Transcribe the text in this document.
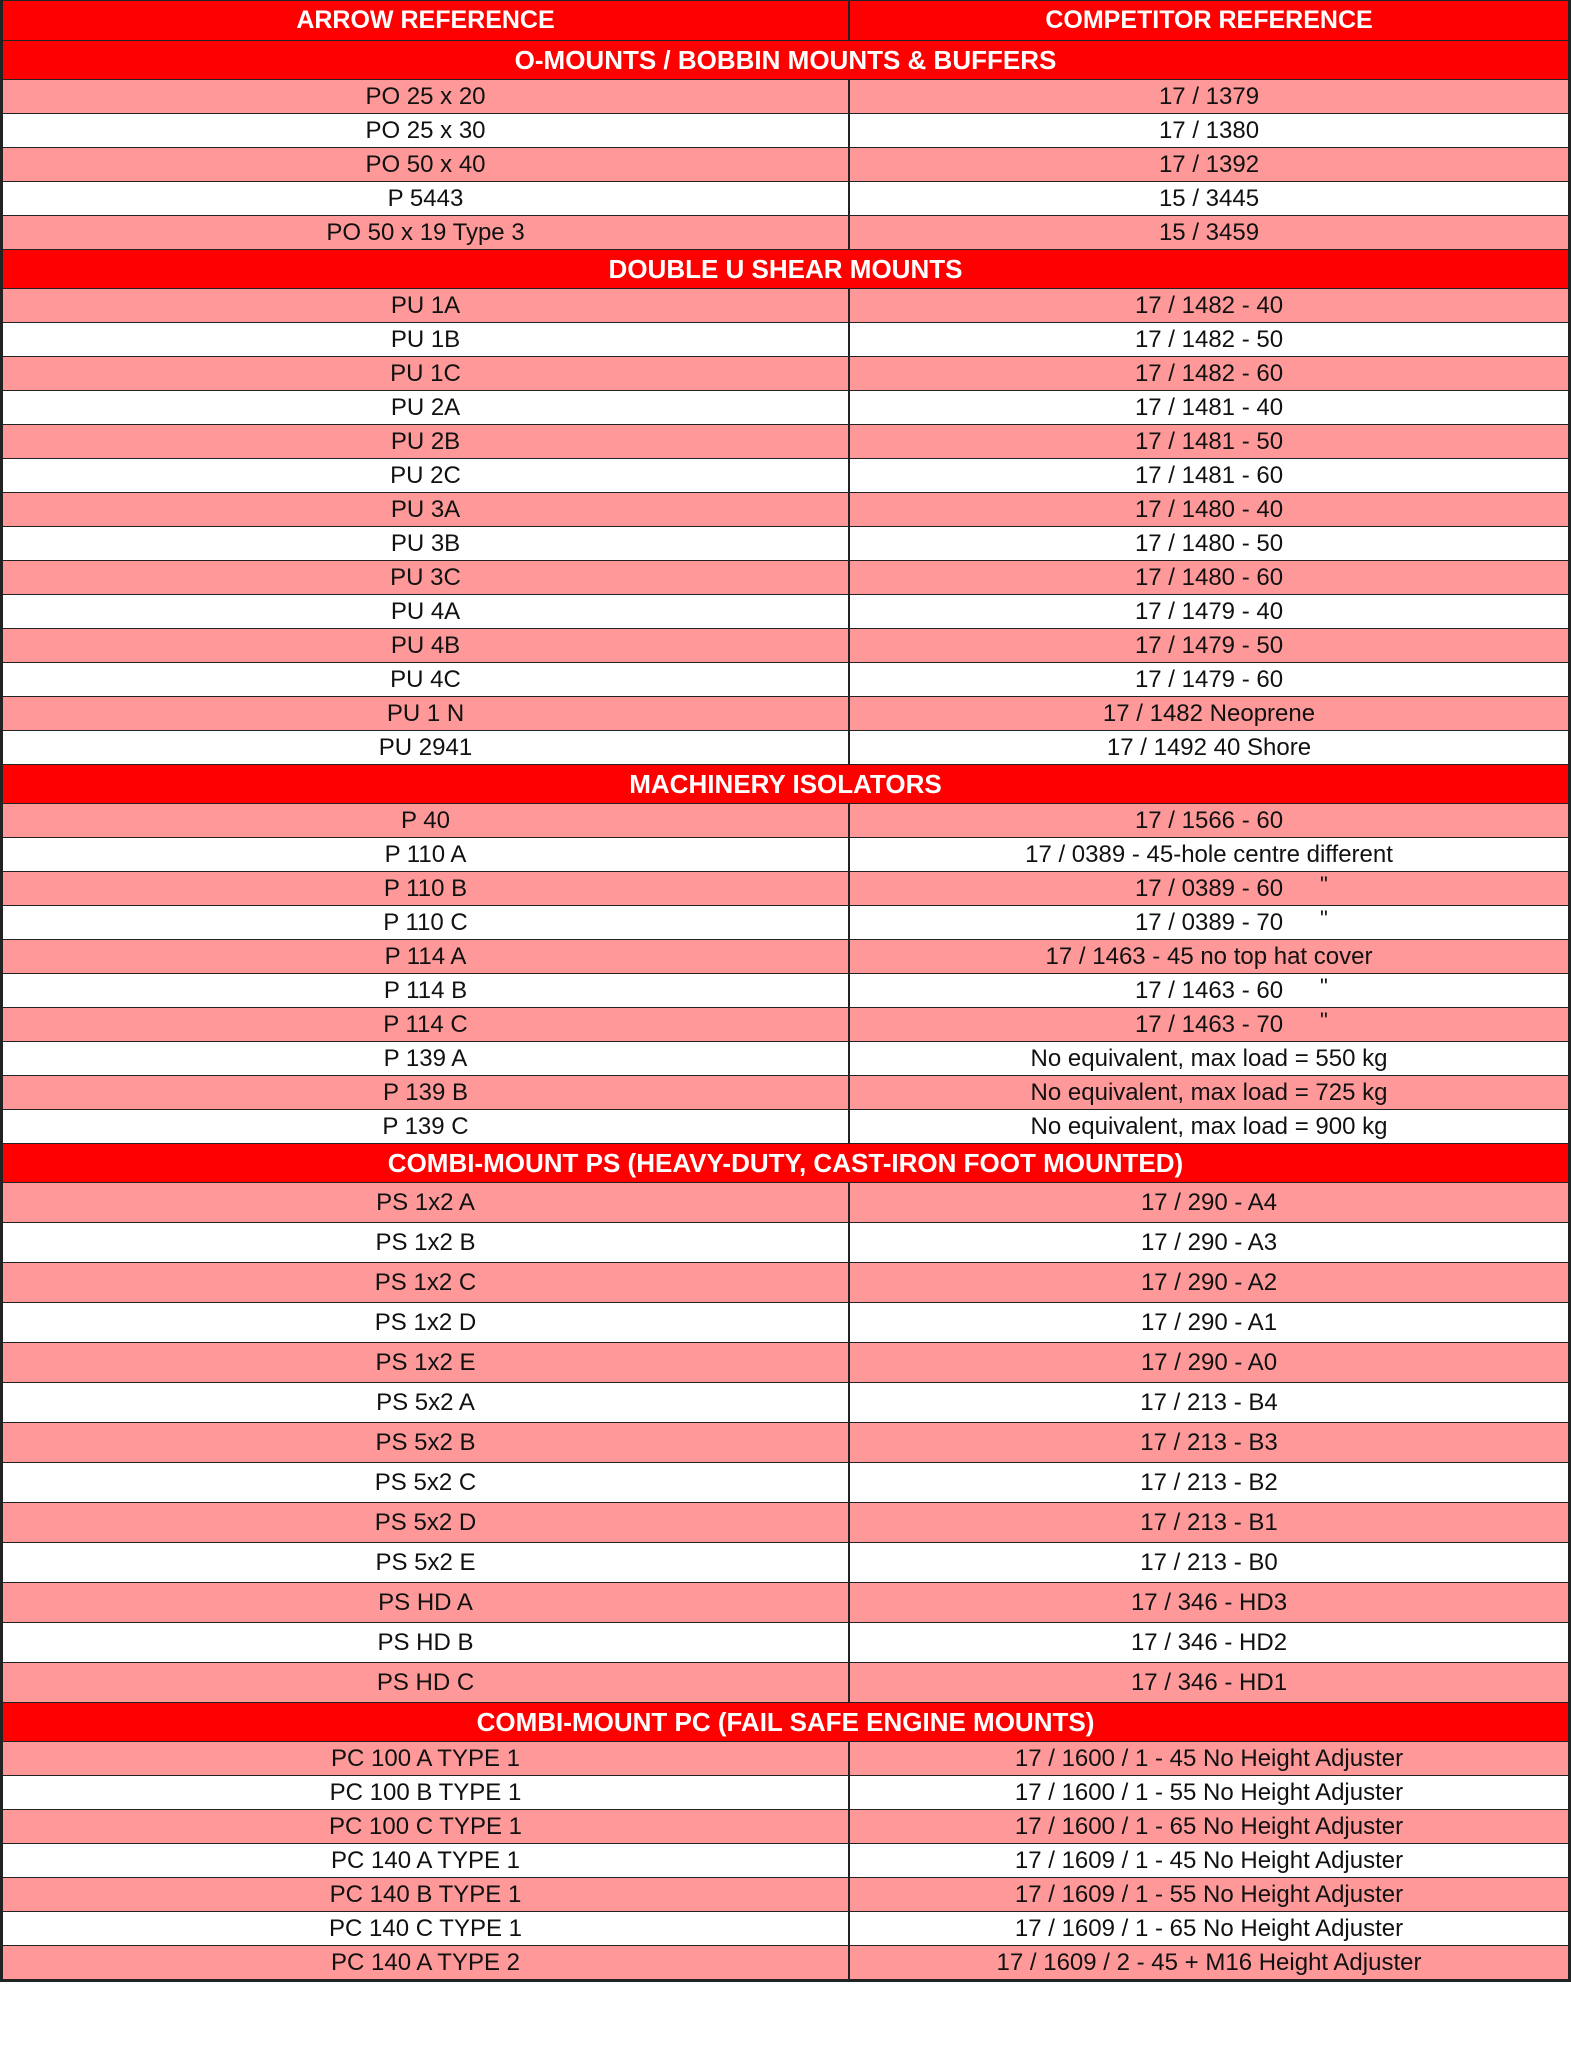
ARROW REFERENCE	COMPETITOR REFERENCE
O-MOUNTS / BOBBIN MOUNTS & BUFFERS
PO 25 x 20	17 / 1379
PO 25 x 30	17 / 1380
PO 50 x 40	17 / 1392
P 5443	15 / 3445
PO 50 x 19 Type 3	15 / 3459
DOUBLE U SHEAR MOUNTS
PU 1A	17 / 1482 - 40
PU 1B	17 / 1482 - 50
PU 1C	17 / 1482 - 60
PU 2A	17 / 1481 - 40
PU 2B	17 / 1481 - 50
PU 2C	17 / 1481 - 60
PU 3A	17 / 1480 - 40
PU 3B	17 / 1480 - 50
PU 3C	17 / 1480 - 60
PU 4A	17 / 1479 - 40
PU 4B	17 / 1479 - 50
PU 4C	17 / 1479 - 60
PU 1 N	17 / 1482 Neoprene
PU 2941	17 / 1492 40 Shore
MACHINERY ISOLATORS
P 40	17 / 1566 - 60
P 110 A	17 / 0389 - 45-hole centre different
P 110 B	17 / 0389 - 60 "
P 110 C	17 / 0389 - 70 "
P 114 A	17 / 1463 - 45 no top hat cover
P 114 B	17 / 1463 - 60 "
P 114 C	17 / 1463 - 70 "
P 139 A	No equivalent, max load = 550 kg
P 139 B	No equivalent, max load = 725 kg
P 139 C	No equivalent, max load = 900 kg
COMBI-MOUNT PS (HEAVY-DUTY, CAST-IRON FOOT MOUNTED)
PS 1x2 A	17 / 290 - A4
PS 1x2 B	17 / 290 - A3
PS 1x2 C	17 / 290 - A2
PS 1x2 D	17 / 290 - A1
PS 1x2 E	17 / 290 - A0
PS 5x2 A	17 / 213 - B4
PS 5x2 B	17 / 213 - B3
PS 5x2 C	17 / 213 - B2
PS 5x2 D	17 / 213 - B1
PS 5x2 E	17 / 213 - B0
PS HD A	17 / 346 - HD3
PS HD B	17 / 346 - HD2
PS HD C	17 / 346 - HD1
COMBI-MOUNT PC (FAIL SAFE ENGINE MOUNTS)
PC 100 A TYPE 1	17 / 1600 / 1 - 45 No Height Adjuster
PC 100 B TYPE 1	17 / 1600 / 1 - 55 No Height Adjuster
PC 100 C TYPE 1	17 / 1600 / 1 - 65 No Height Adjuster
PC 140 A TYPE 1	17 / 1609 / 1 - 45 No Height Adjuster
PC 140 B TYPE 1	17 / 1609 / 1 - 55 No Height Adjuster
PC 140 C TYPE 1	17 / 1609 / 1 - 65 No Height Adjuster
PC 140 A TYPE 2	17 / 1609 / 2 - 45 + M16 Height Adjuster
